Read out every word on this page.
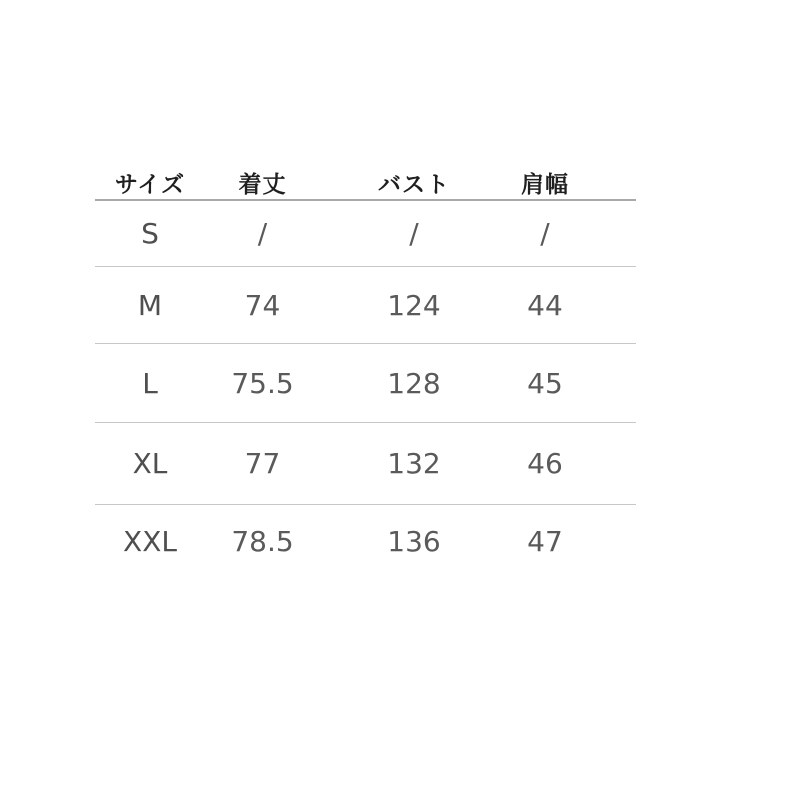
サイズ	着丈	バスト	肩幅	
S	/	/	/	
M	74	124	44	
L	75.5	128	45	
XL	77	132	46	
XXL	78.5	136	47	
